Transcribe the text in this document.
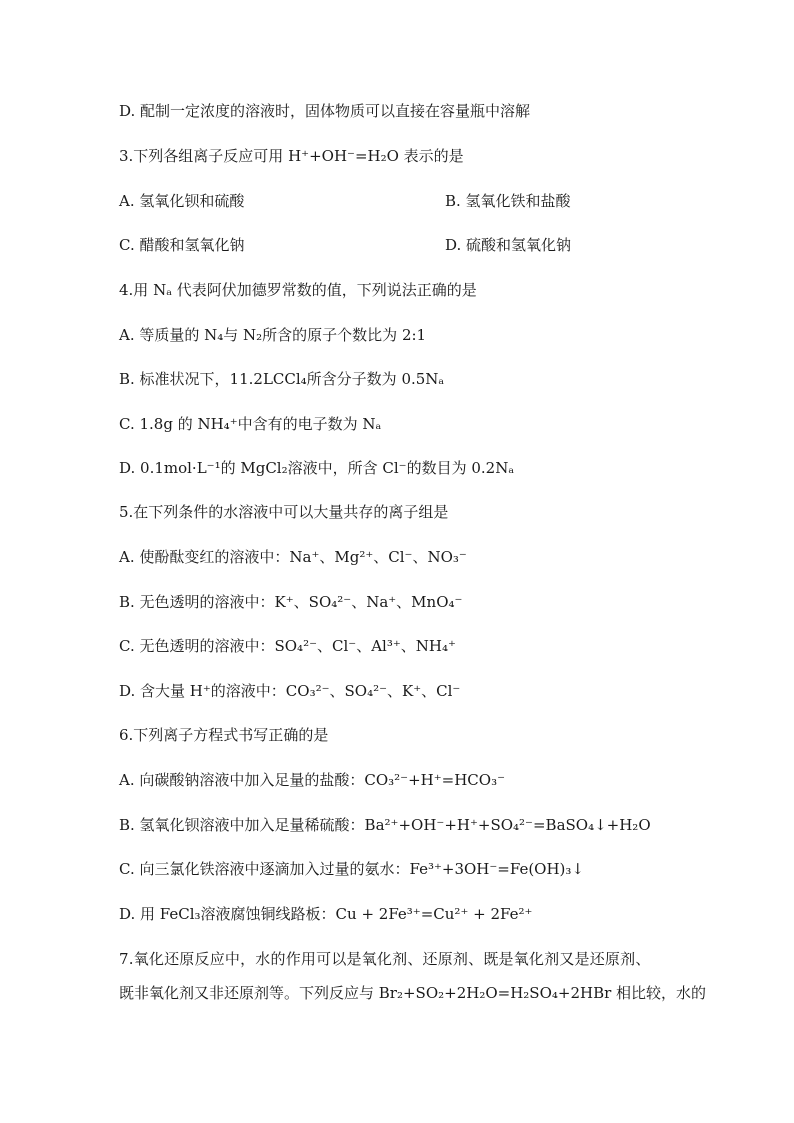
D. 配制一定浓度的溶液时，固体物质可以直接在容量瓶中溶解
3.下列各组离子反应可用 H⁺+OH⁻=H₂O 表示的是
A. 氢氧化钡和硫酸	B. 氢氧化铁和盐酸
C. 醋酸和氢氧化钠	D. 硫酸和氢氧化钠
4.用 Nₐ 代表阿伏加德罗常数的值，下列说法正确的是
A. 等质量的 N₄与 N₂所含的原子个数比为 2:1
B. 标准状况下，11.2LCCl₄所含分子数为 0.5Nₐ
C. 1.8g 的 NH₄⁺中含有的电子数为 Nₐ
D. 0.1mol·L⁻¹的 MgCl₂溶液中，所含 Cl⁻的数目为 0.2Nₐ
5.在下列条件的水溶液中可以大量共存的离子组是
A. 使酚酞变红的溶液中：Na⁺、Mg²⁺、Cl⁻、NO₃⁻
B. 无色透明的溶液中：K⁺、SO₄²⁻、Na⁺、MnO₄⁻
C. 无色透明的溶液中：SO₄²⁻、Cl⁻、Al³⁺、NH₄⁺
D. 含大量 H⁺的溶液中：CO₃²⁻、SO₄²⁻、K⁺、Cl⁻
6.下列离子方程式书写正确的是
A. 向碳酸钠溶液中加入足量的盐酸：CO₃²⁻+H⁺=HCO₃⁻
B. 氢氧化钡溶液中加入足量稀硫酸：Ba²⁺+OH⁻+H⁺+SO₄²⁻=BaSO₄↓+H₂O
C. 向三氯化铁溶液中逐滴加入过量的氨水：Fe³⁺+3OH⁻=Fe(OH)₃↓
D. 用 FeCl₃溶液腐蚀铜线路板：Cu + 2Fe³⁺=Cu²⁺ + 2Fe²⁺
7.氧化还原反应中，水的作用可以是氧化剂、还原剂、既是氧化剂又是还原剂、
既非氧化剂又非还原剂等。下列反应与 Br₂+SO₂+2H₂O=H₂SO₄+2HBr 相比较，水的
